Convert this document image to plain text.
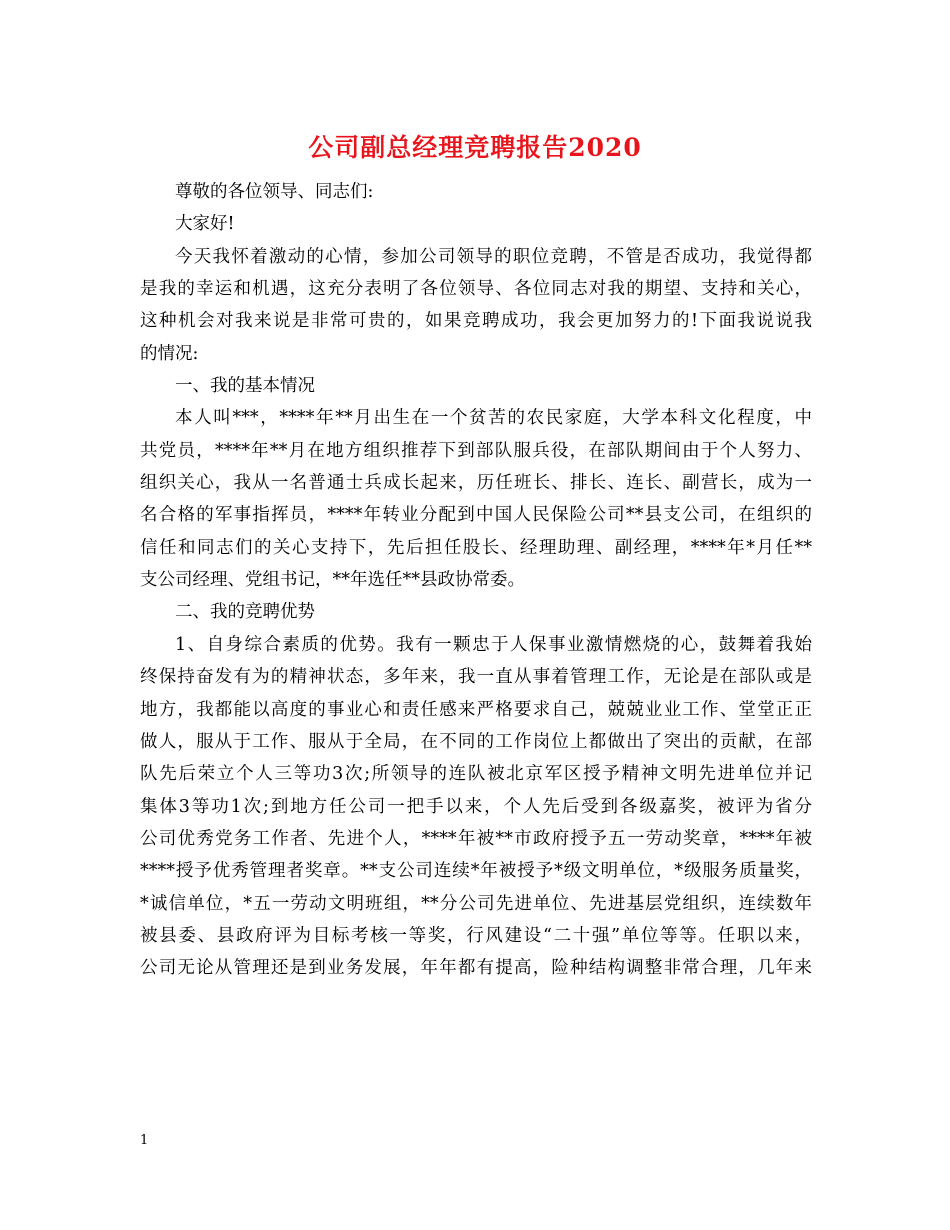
公司副总经理竞聘报告2020
尊敬的各位领导、同志们:
大家好!
今天我怀着激动的心情，参加公司领导的职位竞聘，不管是否成功，我觉得都
是我的幸运和机遇，这充分表明了各位领导、各位同志对我的期望、支持和关心，
这种机会对我来说是非常可贵的，如果竞聘成功，我会更加努力的!下面我说说我
的情况:
一、我的基本情况
本人叫***，****年**月出生在一个贫苦的农民家庭，大学本科文化程度，中
共党员，****年**月在地方组织推荐下到部队服兵役，在部队期间由于个人努力、
组织关心，我从一名普通士兵成长起来，历任班长、排长、连长、副营长，成为一
名合格的军事指挥员，****年转业分配到中国人民保险公司**县支公司，在组织的
信任和同志们的关心支持下，先后担任股长、经理助理、副经理，****年*月任**
支公司经理、党组书记，**年选任**县政协常委。
二、我的竞聘优势
1、自身综合素质的优势。我有一颗忠于人保事业激情燃烧的心，鼓舞着我始
终保持奋发有为的精神状态，多年来，我一直从事着管理工作，无论是在部队或是
地方，我都能以高度的事业心和责任感来严格要求自己，兢兢业业工作、堂堂正正
做人，服从于工作、服从于全局，在不同的工作岗位上都做出了突出的贡献，在部
队先后荣立个人三等功3次;所领导的连队被北京军区授予精神文明先进单位并记
集体3等功1次;到地方任公司一把手以来，个人先后受到各级嘉奖，被评为省分
公司优秀党务工作者、先进个人，****年被**市政府授予五一劳动奖章，****年被
****授予优秀管理者奖章。**支公司连续*年被授予*级文明单位，*级服务质量奖，
*诚信单位，*五一劳动文明班组，**分公司先进单位、先进基层党组织，连续数年
被县委、县政府评为目标考核一等奖，行风建设“二十强”单位等等。任职以来，
公司无论从管理还是到业务发展，年年都有提高，险种结构调整非常合理，几年来
1
